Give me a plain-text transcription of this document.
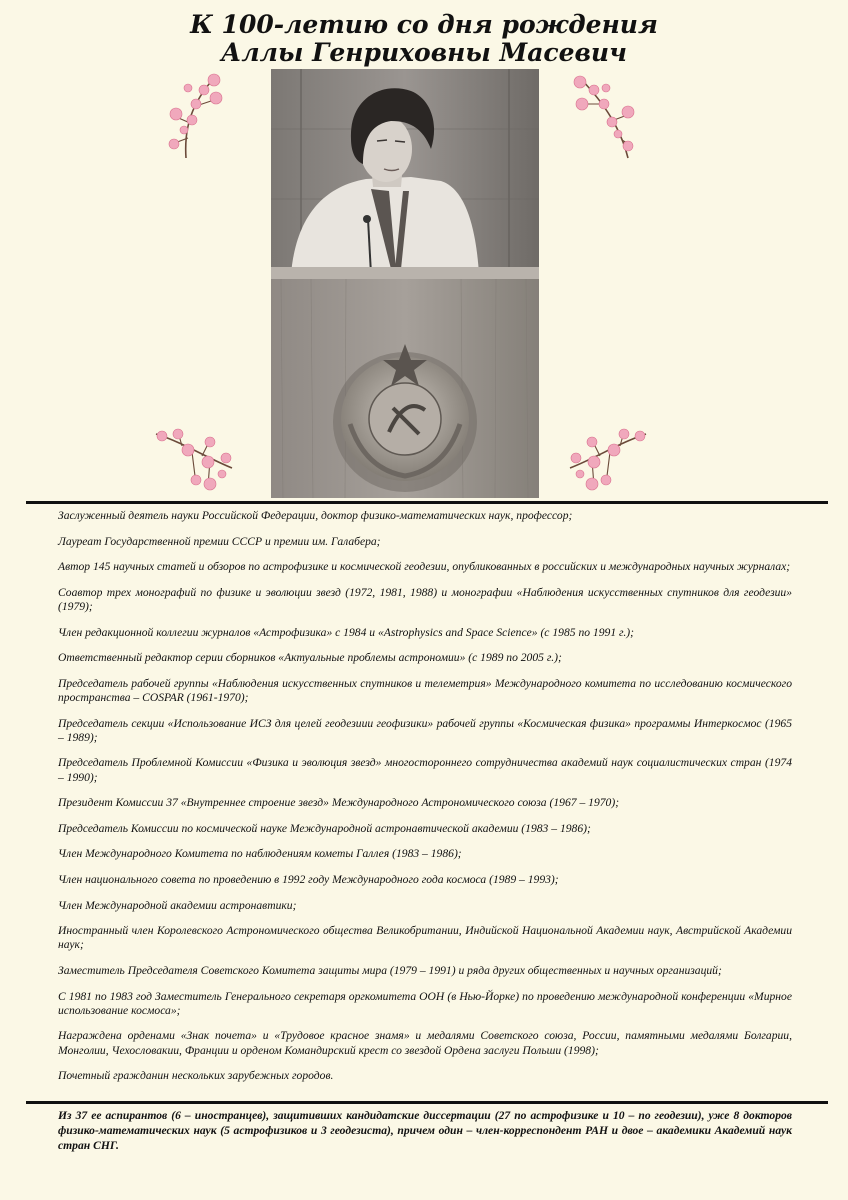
К 100-летию со дня рождения
Аллы Генриховны Масевич

Заслуженный деятель науки Российской Федерации, доктор физико-математических наук, профессор;

Лауреат Государственной премии СССР и премии им. Галабера;

Автор 145 научных статей и обзоров по астрофизике и космической геодезии, опубликованных в российских и международных научных журналах;

Соавтор трех монографий по физике и эволюции звезд (1972, 1981, 1988) и монографии «Наблюдения искусственных спутников для геодезии» (1979);

Член редакционной коллегии журналов «Астрофизика» с 1984 и «Astrophysics and Space Science» (с 1985 по 1991 г.);

Ответственный редактор серии сборников «Актуальные проблемы астрономии» (с 1989 по 2005 г.);

Председатель рабочей группы «Наблюдения искусственных спутников и телеметрия» Международного комитета по исследованию космического пространства – COSPAR (1961-1970);

Председатель секции «Использование ИСЗ для целей геодезиии геофизики» рабочей группы «Космическая физика» программы Интеркосмос (1965 – 1989);

Председатель Проблемной Комиссии «Физика и эволюция звезд» многостороннего сотрудничества академий наук социалистических стран (1974 – 1990);

Президент Комиссии 37 «Внутреннее строение звезд» Международного Астрономического союза (1967 – 1970);

Председатель Комиссии по космической науке Международной астронавтической академии (1983 – 1986);

Член Международного Комитета по наблюдениям кометы Галлея (1983 – 1986);

Член национального совета по проведению в 1992 году Международного года космоса (1989 – 1993);

Член Международной академии астронавтики;

Иностранный член Королевского Астрономического общества Великобритании, Индийской Национальной Академии наук, Австрийской Академии наук;

Заместитель Председателя Советского Комитета защиты мира (1979 – 1991) и ряда других общественных и научных организаций;

С 1981 по 1983 год Заместитель Генерального секретаря оргкомитета ООН (в Нью-Йорке) по проведению международной конференции «Мирное использование космоса»;

Награждена орденами «Знак почета» и «Трудовое красное знамя» и медалями Советского союза, России, памятными медалями Болгарии, Монголии, Чехословакии, Франции и орденом Командирский крест со звездой Ордена заслуги Польши (1998);

Почетный гражданин нескольких зарубежных городов.

Из 37 ее аспирантов (6 – иностранцев), защитивших кандидатские диссертации (27 по астрофизике и 10 – по геодезии), уже 8 докторов физико-математических наук (5 астрофизиков и 3 геодезиста), причем один – член-корреспондент РАН и двое – академики Академий наук стран СНГ.
